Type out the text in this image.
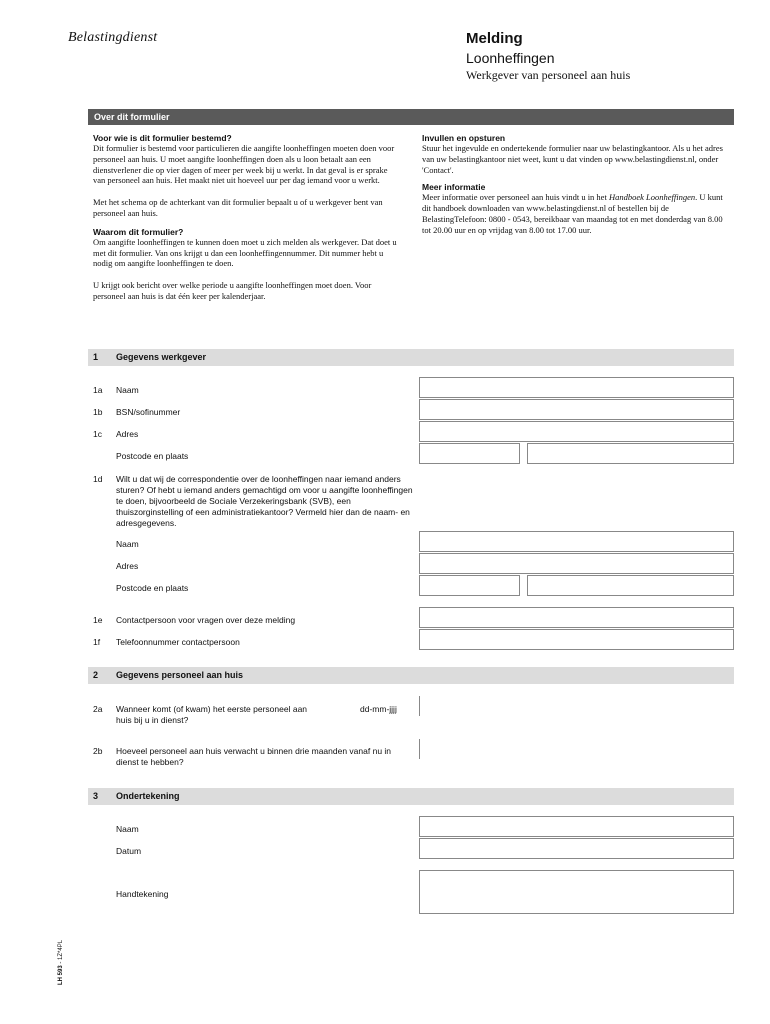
Belastingdienst	Melding
Loonheffingen
Werkgever van personeel aan huis
Over dit formulier
Voor wie is dit formulier bestemd?
Dit formulier is bestemd voor particulieren die aangifte loonheffingen moeten doen voor personeel aan huis. U moet aangifte loonheffingen doen als u loon betaalt aan een dienstverlener die op vier dagen of meer per week bij u werkt. In dat geval is er sprake van personeel aan huis. Het maakt niet uit hoeveel uur per dag iemand voor u werkt.
Met het schema op de achterkant van dit formulier bepaalt u of u werkgever bent van personeel aan huis.
Waarom dit formulier?
Om aangifte loonheffingen te kunnen doen moet u zich melden als werkgever. Dat doet u met dit formulier. Van ons krijgt u dan een loonheffingennummer. Dit nummer hebt u nodig om aangifte loonheffingen te doen.
U krijgt ook bericht over welke periode u aangifte loonheffingen moet doen. Voor personeel aan huis is dat één keer per kalenderjaar.
Invullen en opsturen
Stuur het ingevulde en ondertekende formulier naar uw belastingkantoor. Als u het adres van uw belastingkantoor niet weet, kunt u dat vinden op www.belastingdienst.nl, onder 'Contact'.
Meer informatie
Meer informatie over personeel aan huis vindt u in het Handboek Loonheffingen. U kunt dit handboek downloaden van www.belastingdienst.nl of bestellen bij de BelastingTelefoon: 0800 - 0543, bereikbaar van maandag tot en met donderdag van 8.00 tot 20.00 uur en op vrijdag van 8.00 tot 17.00 uur.
1 Gegevens werkgever
1a Naam
1b BSN/sofinummer
1c Adres
Postcode en plaats
1d Wilt u dat wij de correspondentie over de loonheffingen naar iemand anders sturen? Of hebt u iemand anders gemachtigd om voor u aangifte loonheffingen te doen, bijvoorbeeld de Sociale Verzekeringsbank (SVB), een thuiszorginstelling of een administratiekantoor? Vermeld hier dan de naam- en adresgegevens.
Naam
Adres
Postcode en plaats
1e Contactpersoon voor vragen over deze melding
1f Telefoonnummer contactpersoon
2 Gegevens personeel aan huis
2a Wanneer komt (of kwam) het eerste personeel aan huis bij u in dienst?
dd-mm-jjjj
2b Hoeveel personeel aan huis verwacht u binnen drie maanden vanaf nu in dienst te hebben?
3 Ondertekening
Naam
Datum
Handtekening
LH 593 - 1Z*4PL
